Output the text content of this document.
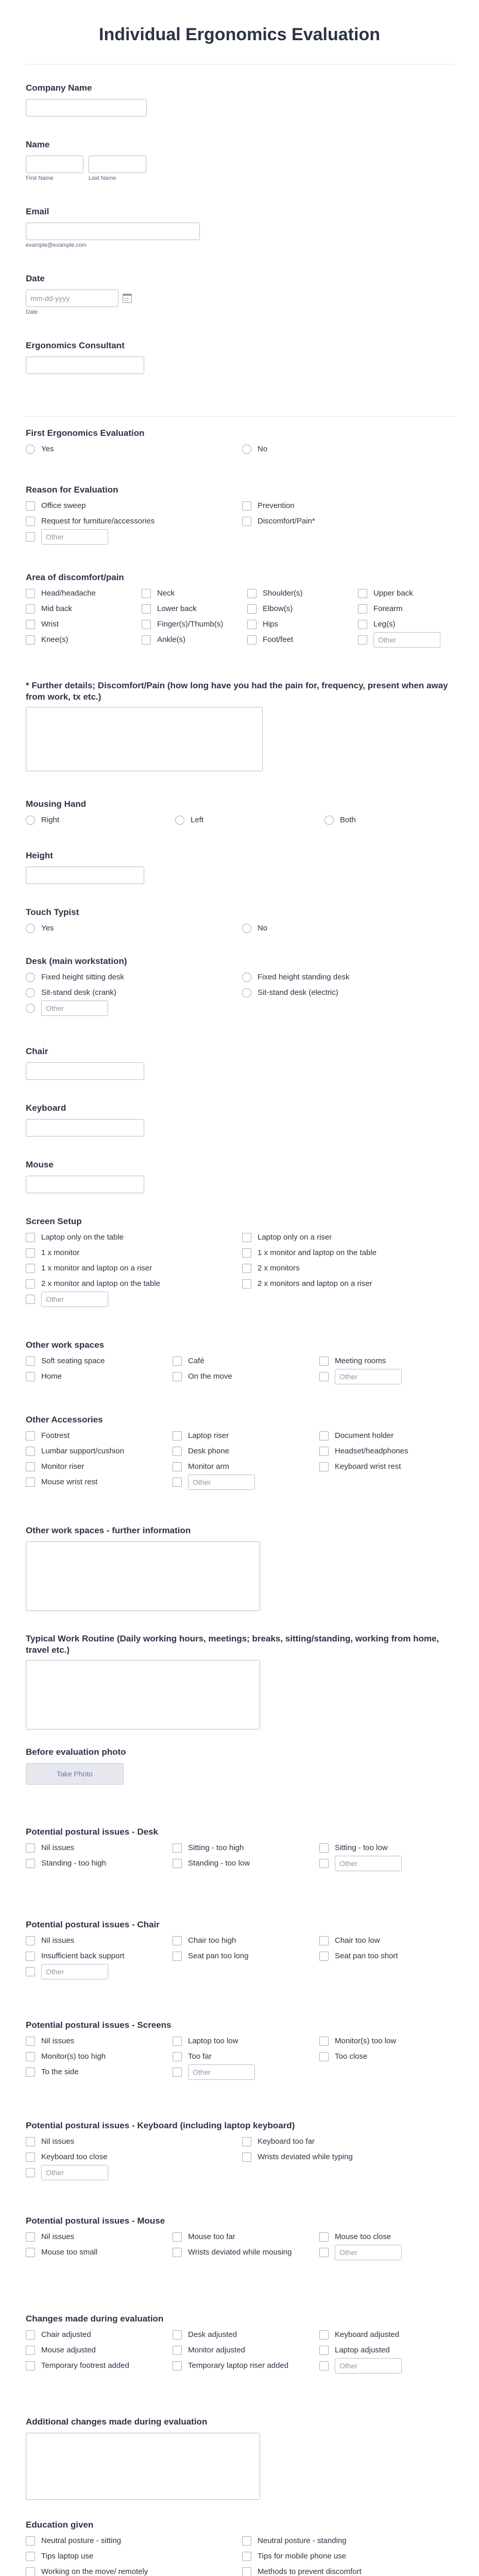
Individual Ergonomics Evaluation
Company Name
Name
First Name	Last Name
Email
example@example.com
Date
mm-dd-yyyy
Date
Ergonomics Consultant
First Ergonomics Evaluation
Yes	No
Reason for Evaluation
Office sweep	Prevention
Request for furniture/accessories	Discomfort/Pain*
Other
Area of discomfort/pain
Head/headache	Neck	Shoulder(s)	Upper back
Mid back	Lower back	Elbow(s)	Forearm
Wrist	Finger(s)/Thumb(s)	Hips	Leg(s)
Knee(s)	Ankle(s)	Foot/feet
Other
* Further details; Discomfort/Pain (how long have you had the pain for, frequency, present when away from work, tx etc.)
Mousing Hand
Right	Left	Both
Height
Touch Typist
Yes	No
Desk (main workstation)
Fixed height sitting desk	Fixed height standing desk
Sit-stand desk (crank)	Sit-stand desk (electric)
Other
Chair
Keyboard
Mouse
Screen Setup
Laptop only on the table	Laptop only on a riser
1 x monitor	1 x monitor and laptop on the table
1 x monitor and laptop on a riser	2 x monitors
2 x monitor and laptop on the table	2 x monitors and laptop on a riser
Other
Other work spaces
Soft seating space	Café	Meeting rooms
Home	On the move
Other
Other Accessories
Footrest	Laptop riser	Document holder
Lumbar support/cushion	Desk phone	Headset/headphones
Monitor riser	Monitor arm	Keyboard wrist rest
Mouse wrist rest
Other
Other work spaces - further information
Typical Work Routine (Daily working hours, meetings; breaks, sitting/standing, working from home, travel etc.)
Before evaluation photo
Take Photo
Potential postural issues - Desk
Nil issues	Sitting - too high	Sitting - too low
Standing - too high	Standing - too low
Other
Potential postural issues - Chair
Nil issues	Chair too high	Chair too low
Insufficient back support	Seat pan too long	Seat pan too short
Other
Potential postural issues - Screens
Nil issues	Laptop too low	Monitor(s) too low
Monitor(s) too high	Too far	Too close
To the side
Other
Potential postural issues - Keyboard (including laptop keyboard)
Nil issues	Keyboard too far
Keyboard too close	Wrists deviated while typing
Other
Potential postural issues - Mouse
Nil issues	Mouse too far	Mouse too close
Mouse too small	Wrists deviated while mousing
Other
Changes made during evaluation
Chair adjusted	Desk adjusted	Keyboard adjusted
Mouse adjusted	Monitor adjusted	Laptop adjusted
Temporary footrest added	Temporary laptop riser added
Other
Additional changes made during evaluation
Education given
Neutral posture - sitting	Neutral posture - standing
Tips laptop use	Tips for mobile phone use
Working on the move/ remotely	Methods to prevent discomfort
